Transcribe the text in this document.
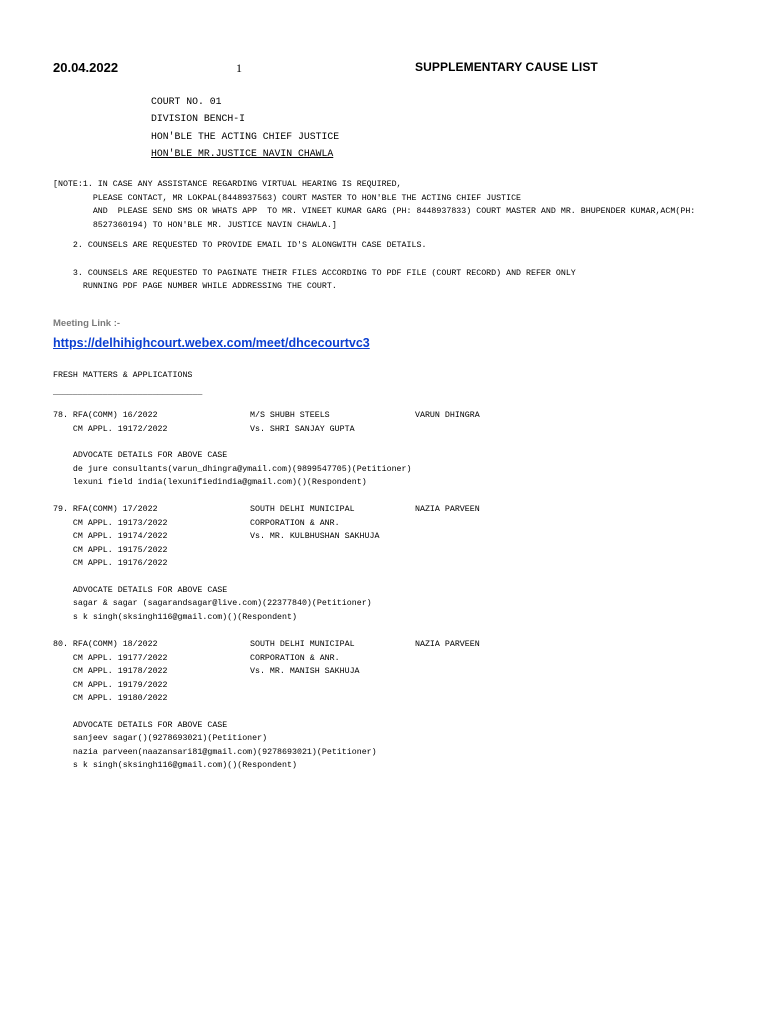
20.04.2022	1	SUPPLEMENTARY CAUSE LIST
COURT NO. 01
DIVISION BENCH-I
HON'BLE THE ACTING CHIEF JUSTICE
HON'BLE MR.JUSTICE NAVIN CHAWLA
[NOTE:1. IN CASE ANY ASSISTANCE REGARDING VIRTUAL HEARING IS REQUIRED,
PLEASE CONTACT, MR LOKPAL(8448937563) COURT MASTER TO HON'BLE THE ACTING CHIEF JUSTICE
AND  PLEASE SEND SMS OR WHATS APP  TO MR. VINEET KUMAR GARG (PH: 8448937833) COURT MASTER AND MR. BHUPENDER KUMAR,ACM(PH:
8527360194) TO HON'BLE MR. JUSTICE NAVIN CHAWLA.]
2. COUNSELS ARE REQUESTED TO PROVIDE EMAIL ID'S ALONGWITH CASE DETAILS.
3. COUNSELS ARE REQUESTED TO PAGINATE THEIR FILES ACCORDING TO PDF FILE (COURT RECORD) AND REFER ONLY
RUNNING PDF PAGE NUMBER WHILE ADDRESSING THE COURT.
Meeting Link :-
https://delhihighcourt.webex.com/meet/dhcecourtvc3
FRESH MATTERS & APPLICATIONS
______________________________
78. RFA(COMM) 16/2022	M/S SHUBH STEELS	VARUN DHINGRA
CM APPL. 19172/2022	Vs. SHRI SANJAY GUPTA
ADVOCATE DETAILS FOR ABOVE CASE
de jure consultants(varun_dhingra@ymail.com)(9899547705)(Petitioner)
lexuni field india(lexunifiedindia@gmail.com)()(Respondent)
79. RFA(COMM) 17/2022	SOUTH DELHI MUNICIPAL	NAZIA PARVEEN
CM APPL. 19173/2022	CORPORATION & ANR.
CM APPL. 19174/2022	Vs. MR. KULBHUSHAN SAKHUJA
CM APPL. 19175/2022
CM APPL. 19176/2022
ADVOCATE DETAILS FOR ABOVE CASE
sagar & sagar (sagarandsagar@live.com)(22377840)(Petitioner)
s k singh(sksingh116@gmail.com)()(Respondent)
80. RFA(COMM) 18/2022	SOUTH DELHI MUNICIPAL	NAZIA PARVEEN
CM APPL. 19177/2022	CORPORATION & ANR.
CM APPL. 19178/2022	Vs. MR. MANISH SAKHUJA
CM APPL. 19179/2022
CM APPL. 19180/2022
ADVOCATE DETAILS FOR ABOVE CASE
sanjeev sagar()(9278693021)(Petitioner)
nazia parveen(naazansari81@gmail.com)(9278693021)(Petitioner)
s k singh(sksingh116@gmail.com)()(Respondent)
